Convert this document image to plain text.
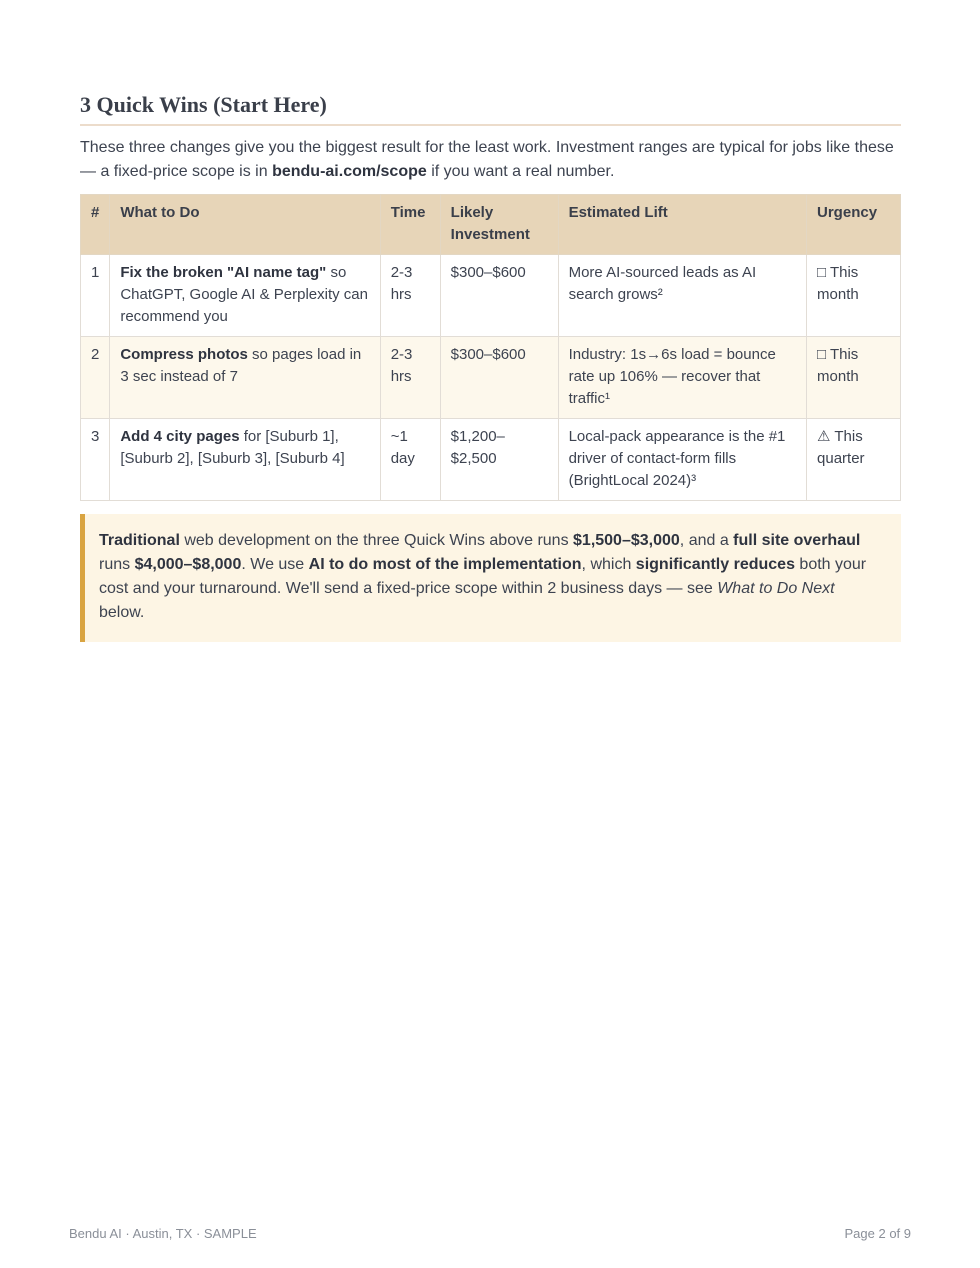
3 Quick Wins (Start Here)

These three changes give you the biggest result for the least work. Investment ranges are typical for jobs like these — a fixed-price scope is in bendu-ai.com/scope if you want a real number.

#	What to Do	Time	Likely Investment	Estimated Lift	Urgency
1	Fix the broken "AI name tag" so ChatGPT, Google AI & Perplexity can recommend you	2-3 hrs	$300–$600	More AI-sourced leads as AI search grows²	□ This month
2	Compress photos so pages load in 3 sec instead of 7	2-3 hrs	$300–$600	Industry: 1s→6s load = bounce rate up 106% — recover that traffic¹	□ This month
3	Add 4 city pages for [Suburb 1], [Suburb 2], [Suburb 3], [Suburb 4]	~1 day	$1,200–$2,500	Local-pack appearance is the #1 driver of contact-form fills (BrightLocal 2024)³	⚠ This quarter
Traditional web development on the three Quick Wins above runs $1,500–$3,000, and a full site overhaul runs $4,000–$8,000. We use AI to do most of the implementation, which significantly reduces both your cost and your turnaround. We'll send a fixed-price scope within 2 business days — see What to Do Next below.
Bendu AI · Austin, TX · SAMPLE	Page 2 of 9
